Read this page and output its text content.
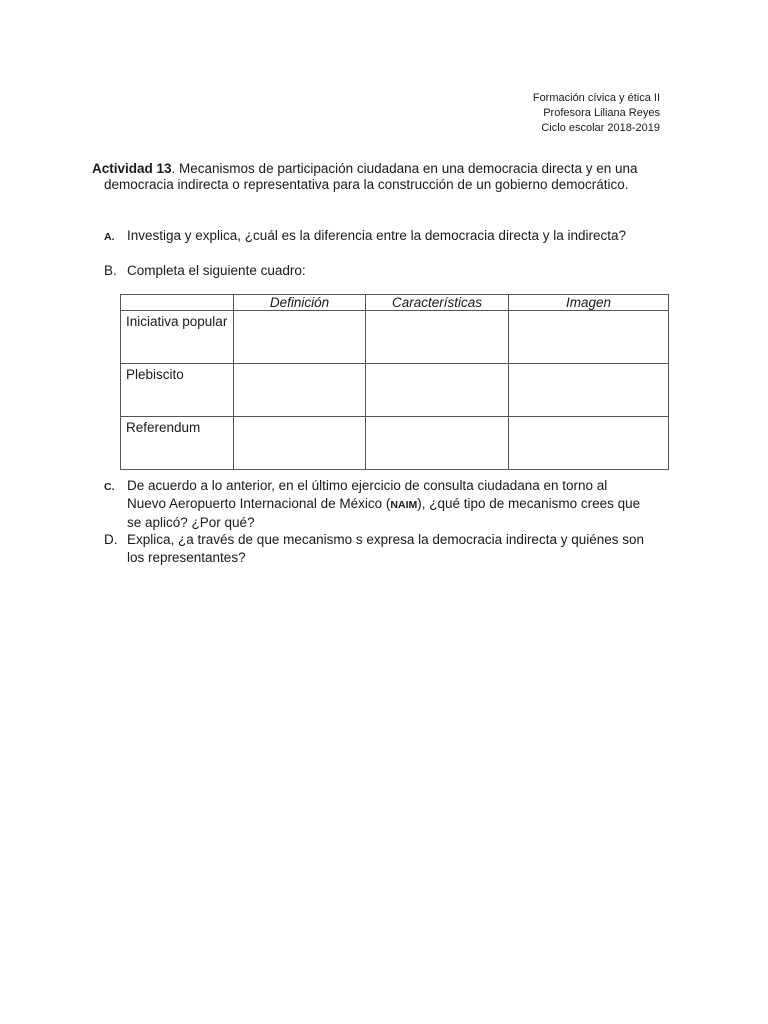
Formación cívica y ética II
Profesora Liliana Reyes
Ciclo escolar 2018-2019
Actividad 13. Mecanismos de participación ciudadana en una democracia directa y en una
democracia indirecta o representativa para la construcción de un gobierno democrático.
A. Investiga y explica, ¿cuál es la diferencia entre la democracia directa y la indirecta?
B. Completa el siguiente cuadro:
	Definición	Características	Imagen
Iniciativa popular			
Plebiscito			
Referendum			
C. De acuerdo a lo anterior, en el último ejercicio de consulta ciudadana en torno al Nuevo Aeropuerto Internacional de México (NAIM), ¿qué tipo de mecanismo crees que se aplicó? ¿Por qué?
D. Explica, ¿a través de que mecanismo s expresa la democracia indirecta y quiénes son los representantes?
